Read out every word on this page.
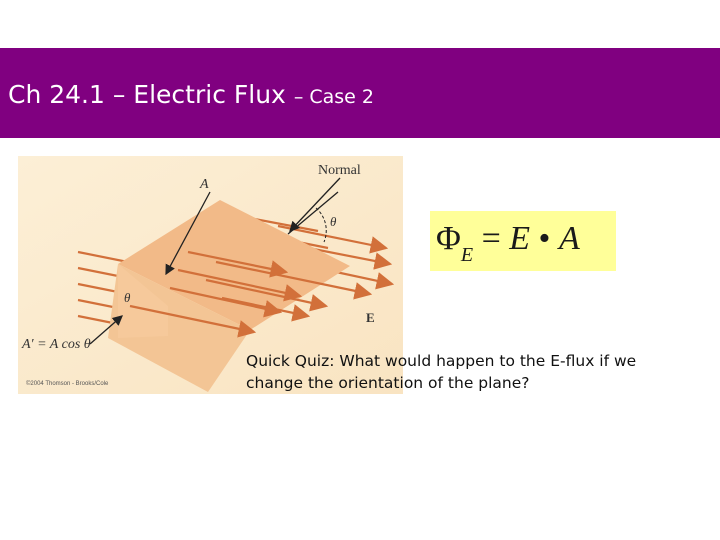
Ch 24.1 – Electric Flux – Case 2
Normal
A
θ
θ
E
A′ = A cos θ
©2004 Thomson - Brooks/Cole
$\Phi_E = E$ • A
Quick Quiz: What would happen to the E-flux if we change the orientation of the plane?
